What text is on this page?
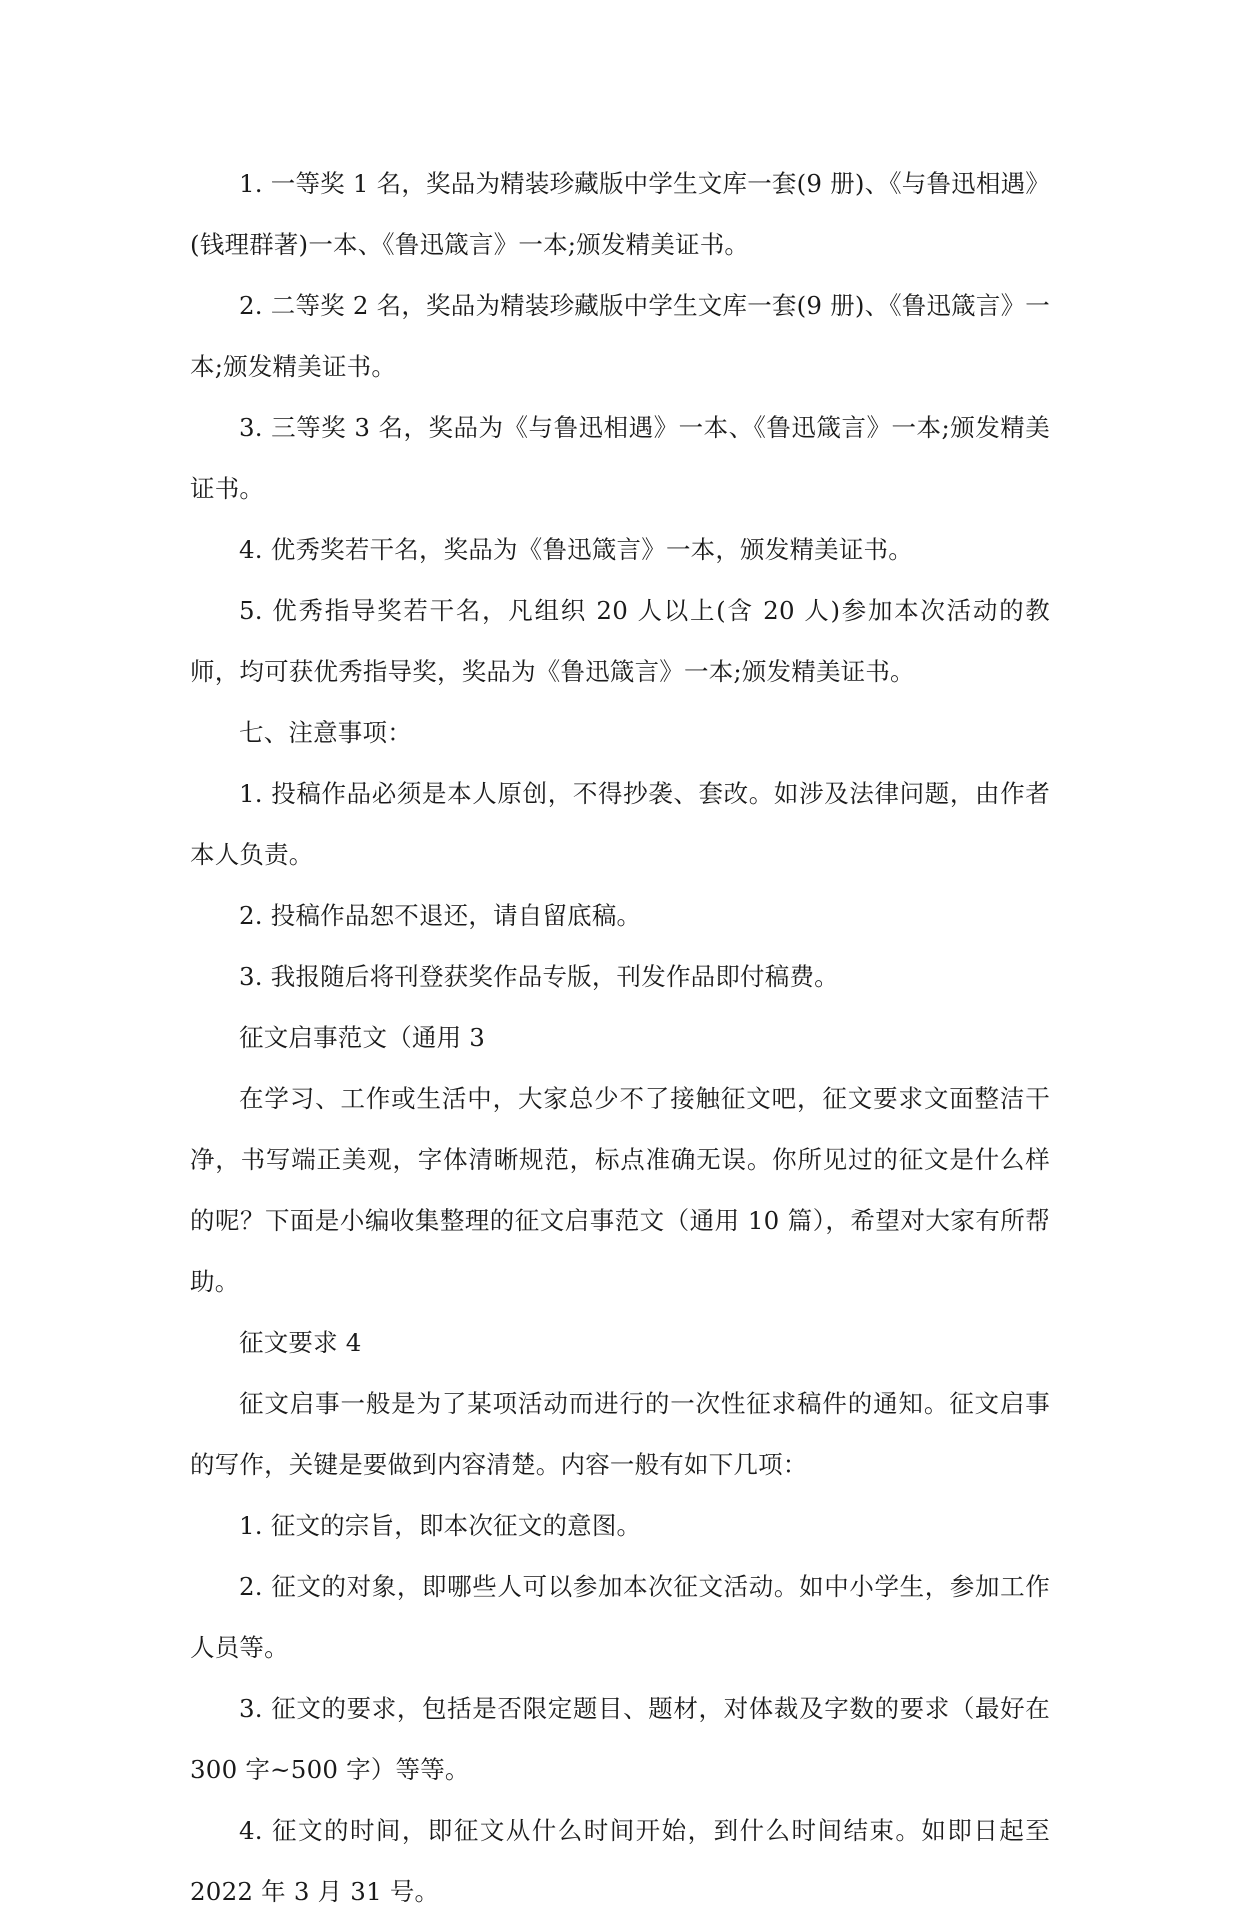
1. 一等奖 1 名，奖品为精装珍藏版中学生文库一套(9 册)、《与鲁迅相遇》(钱理群著)一本、《鲁迅箴言》一本;颁发精美证书。

2. 二等奖 2 名，奖品为精装珍藏版中学生文库一套(9 册)、《鲁迅箴言》一本;颁发精美证书。

3. 三等奖 3 名，奖品为《与鲁迅相遇》一本、《鲁迅箴言》一本;颁发精美证书。

4. 优秀奖若干名，奖品为《鲁迅箴言》一本，颁发精美证书。

5. 优秀指导奖若干名，凡组织 20 人以上(含 20 人)参加本次活动的教师，均可获优秀指导奖，奖品为《鲁迅箴言》一本;颁发精美证书。

七、注意事项：

1. 投稿作品必须是本人原创，不得抄袭、套改。如涉及法律问题，由作者本人负责。

2. 投稿作品恕不退还，请自留底稿。

3. 我报随后将刊登获奖作品专版，刊发作品即付稿费。

征文启事范文（通用 3

在学习、工作或生活中，大家总少不了接触征文吧，征文要求文面整洁干净，书写端正美观，字体清晰规范，标点准确无误。你所见过的征文是什么样的呢？下面是小编收集整理的征文启事范文（通用 10 篇），希望对大家有所帮助。

征文要求 4

征文启事一般是为了某项活动而进行的一次性征求稿件的通知。征文启事的写作，关键是要做到内容清楚。内容一般有如下几项：

1. 征文的宗旨，即本次征文的意图。

2. 征文的对象，即哪些人可以参加本次征文活动。如中小学生，参加工作人员等。

3. 征文的要求，包括是否限定题目、题材，对体裁及字数的要求（最好在 300 字~500 字）等等。

4. 征文的时间，即征文从什么时间开始，到什么时间结束。如即日起至 2022 年 3 月 31 号。
